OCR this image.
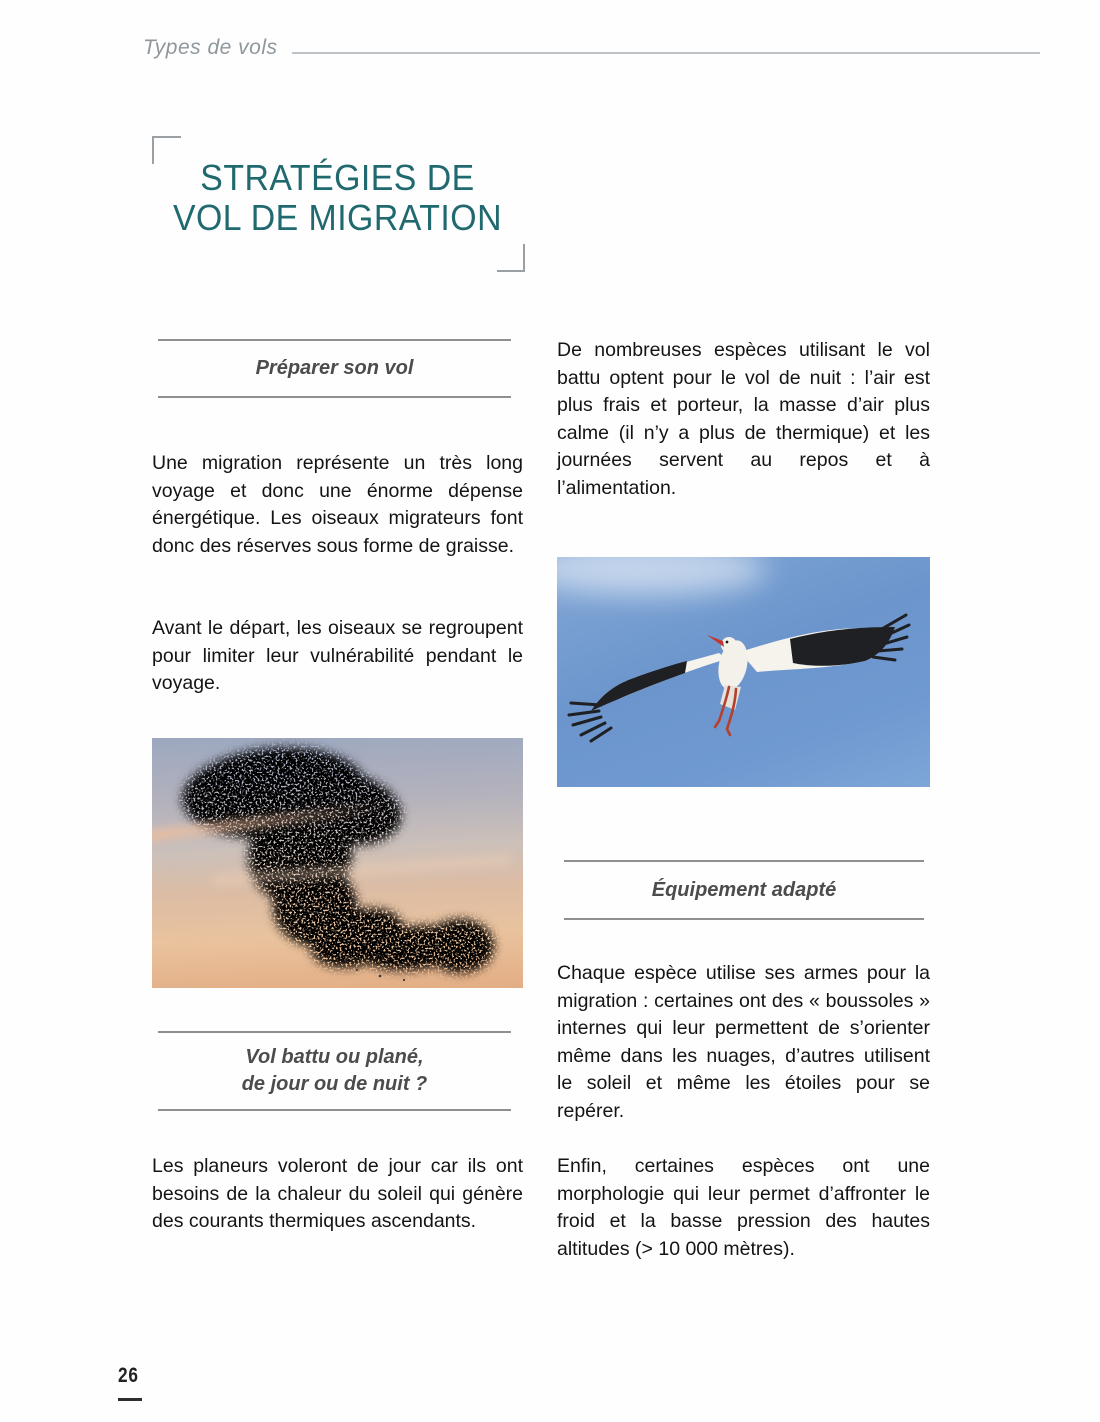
Types de vols
STRATÉGIES DE
VOL DE MIGRATION
Préparer son vol

Une migration représente un très long voyage et donc une énorme dépense énergétique. Les oiseaux migrateurs font donc des réserves sous forme de graisse.

Avant le départ, les oiseaux se regroupent pour limiter leur vulnérabilité pendant le voyage.

Vol battu ou plané,
de jour ou de nuit ?

Les planeurs voleront de jour car ils ont besoins de la chaleur du soleil qui génère des courants thermiques ascendants.

De nombreuses espèces utilisant le vol battu optent pour le vol de nuit : l’air est plus frais et porteur, la masse d’air plus calme (il n’y a plus de thermique) et les journées servent au repos et à l’alimentation.

Équipement adapté

Chaque espèce utilise ses armes pour la migration : certaines ont des « boussoles » internes qui leur permettent de s’orienter même dans les nuages, d’autres utilisent le soleil et même les étoiles pour se repérer.

Enfin, certaines espèces ont une morphologie qui leur permet d’affronter le froid et la basse pression des hautes altitudes (> 10 000 mètres).

26
